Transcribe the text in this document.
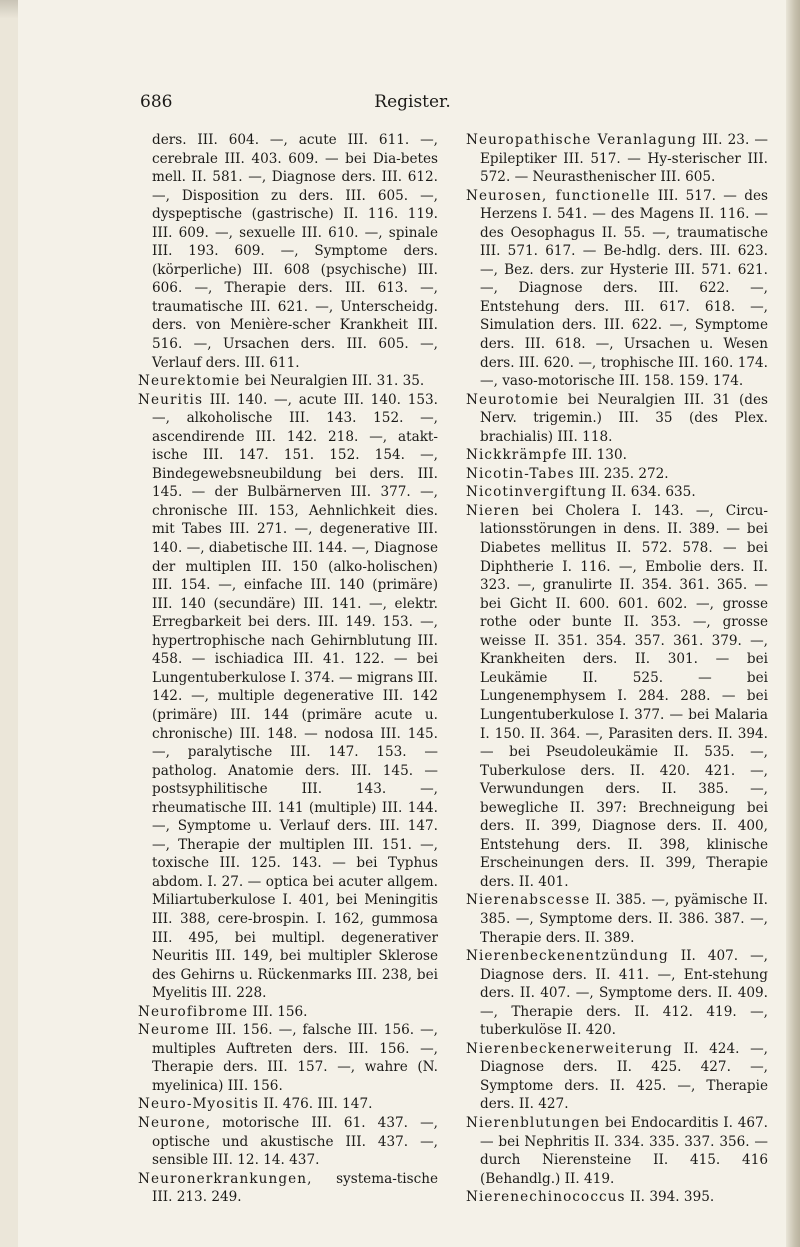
Register.
686

ders. III. 604. —, acute III. 611. —, cerebrale III. 403. 609. — bei Dia-betes mell. II. 581. —, Diagnose ders. III. 612. —, Disposition zu ders. III. 605. —, dyspeptische (gastrische) II. 116. 119. III. 609. —, sexuelle III. 610. —, spinale III. 193. 609. —, Symptome ders. (körperliche) III. 608 (psychische) III. 606. —, Therapie ders. III. 613. —, traumatische III. 621. —, Unterscheidg. ders. von Menière-scher Krankheit III. 516. —, Ursachen ders. III. 605. —, Verlauf ders. III. 611.

Neurektomie bei Neuralgien III. 31. 35.

Neuritis III. 140. —, acute III. 140. 153. —, alkoholische III. 143. 152. —, ascendirende III. 142. 218. —, atakt- ische III. 147. 151. 152. 154. —, Bindegewebsneubildung bei ders. III. 145. — der Bulbärnerven III. 377. —, chronische III. 153, Aehnlichkeit dies. mit Tabes III. 271. —, degenerative III. 140. —, diabetische III. 144. —, Diagnose der multiplen III. 150 (alko-holischen) III. 154. —, einfache III. 140 (primäre) III. 140 (secundäre) III. 141. —, elektr. Erregbarkeit bei ders. III. 149. 153. —, hypertrophische nach Gehirnblutung III. 458. — ischiadica III. 41. 122. — bei Lungentuberkulose I. 374. — migrans III. 142. —, multiple degenerative III. 142 (primäre) III. 144 (primäre acute u. chronische) III. 148. — nodosa III. 145. —, paralytische III. 147. 153. — patholog. Anatomie ders. III. 145. — postsyphilitische III. 143. —, rheumatische III. 141 (multiple) III. 144. —, Symptome u. Verlauf ders. III. 147. —, Therapie der multiplen III. 151. —, toxische III. 125. 143. — bei Typhus abdom. I. 27. — optica bei acuter allgem. Miliartuberkulose I. 401, bei Meningitis III. 388, cere-brospin. I. 162, gummosa III. 495, bei multipl. degenerativer Neuritis III. 149, bei multipler Sklerose des Gehirns u. Rückenmarks III. 238, bei Myelitis III. 228.

Neurofibrome III. 156.

Neurome III. 156. —, falsche III. 156. —, multiples Auftreten ders. III. 156. —, Therapie ders. III. 157. —, wahre (N. myelinica) III. 156.

Neuro-Myositis II. 476. III. 147.

Neurone, motorische III. 61. 437. —, optische und akustische III. 437. —, sensible III. 12. 14. 437.

Neuronerkrankungen, systema-tische III. 213. 249.

Neuropathische Veranlagung III. 23. — Epileptiker III. 517. — Hy-sterischer III. 572. — Neurasthenischer III. 605.

Neurosen, functionelle III. 517. — des Herzens I. 541. — des Magens II. 116. — des Oesophagus II. 55. —, traumatische III. 571. 617. — Be-hdlg. ders. III. 623. —, Bez. ders. zur Hysterie III. 571. 621. —, Diagnose ders. III. 622. —, Entstehung ders. III. 617. 618. —, Simulation ders. III. 622. —, Symptome ders. III. 618. —, Ursachen u. Wesen ders. III. 620. —, trophische III. 160. 174. —, vaso-motorische III. 158. 159. 174.

Neurotomie bei Neuralgien III. 31 (des Nerv. trigemin.) III. 35 (des Plex. brachialis) III. 118.

Nickkrämpfe III. 130.

Nicotin-Tabes III. 235. 272.

Nicotinvergiftung II. 634. 635.

Nieren bei Cholera I. 143. —, Circu-lationsstörungen in dens. II. 389. — bei Diabetes mellitus II. 572. 578. — bei Diphtherie I. 116. —, Embolie ders. II. 323. —, granulirte II. 354. 361. 365. — bei Gicht II. 600. 601. 602. —, grosse rothe oder bunte II. 353. —, grosse weisse II. 351. 354. 357. 361. 379. —, Krankheiten ders. II. 301. — bei Leukämie II. 525. — bei Lungenemphysem I. 284. 288. — bei Lungentuberkulose I. 377. — bei Malaria I. 150. II. 364. —, Parasiten ders. II. 394. — bei Pseudoleukämie II. 535. —, Tuberkulose ders. II. 420. 421. —, Verwundungen ders. II. 385. —, bewegliche II. 397: Brechneigung bei ders. II. 399, Diagnose ders. II. 400, Entstehung ders. II. 398, klinische Erscheinungen ders. II. 399, Therapie ders. II. 401.

Nierenabscesse II. 385. —, pyämische II. 385. —, Symptome ders. II. 386. 387. —, Therapie ders. II. 389.

Nierenbeckenentzündung II. 407. —, Diagnose ders. II. 411. —, Ent-stehung ders. II. 407. —, Symptome ders. II. 409. —, Therapie ders. II. 412. 419. —, tuberkulöse II. 420.

Nierenbeckenerweiterung II. 424. —, Diagnose ders. II. 425. 427. —, Symptome ders. II. 425. —, Therapie ders. II. 427.

Nierenblutungen bei Endocarditis I. 467. — bei Nephritis II. 334. 335. 337. 356. — durch Nierensteine II. 415. 416 (Behandlg.) II. 419.

Nierenechinococcus II. 394. 395.
